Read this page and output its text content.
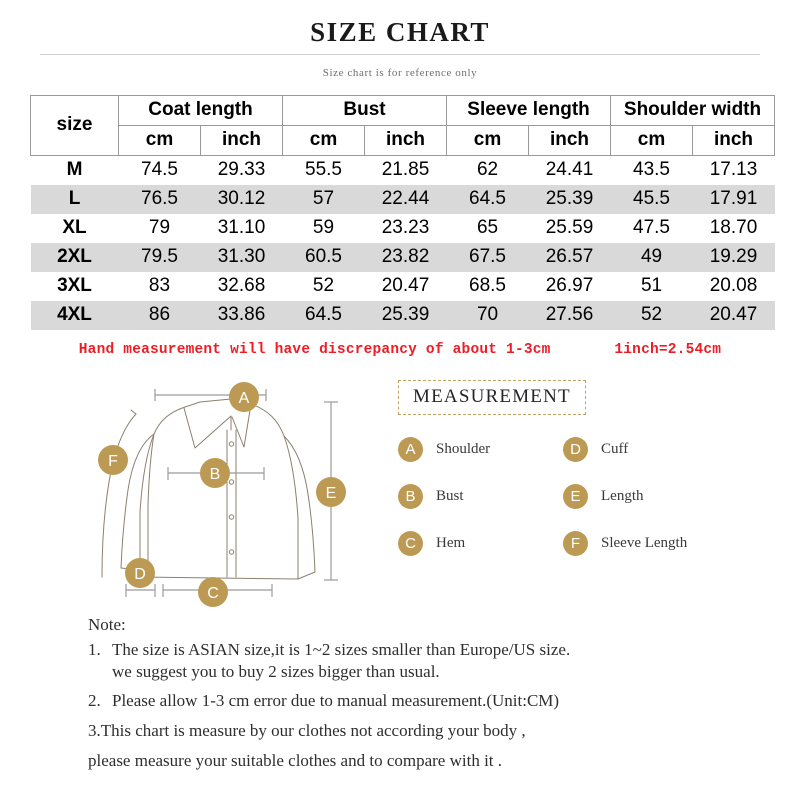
SIZE CHART
Size chart is for reference only
size	Coat length		Bust		Sleeve length		Shoulder width	
	cm	inch	cm	inch	cm	inch	cm	inch
M	74.5	29.33	55.5	21.85	62	24.41	43.5	17.13
L	76.5	30.12	57	22.44	64.5	25.39	45.5	17.91
XL	79	31.10	59	23.23	65	25.59	47.5	18.70
2XL	79.5	31.30	60.5	23.82	67.5	26.57	49	19.29
3XL	83	32.68	52	20.47	68.5	26.97	51	20.08
4XL	86	33.86	64.5	25.39	70	27.56	52	20.47
Hand measurement will have discrepancy of about 1-3cm	1inch=2.54cm
A
B
C
D
F
E
MEASUREMENT
A	Shoulder	D	Cuff
B	Bust	E	Length
C	Hem	F	Sleeve Length
Note:
1. The size is ASIAN size,it is 1~2 sizes smaller than Europe/US size.
we suggest you to buy 2 sizes bigger than usual.
2. Please allow 1-3 cm error due to manual measurement.(Unit:CM)
3.This chart is measure by our clothes not according your body ,
please measure your suitable clothes and to compare with it .
